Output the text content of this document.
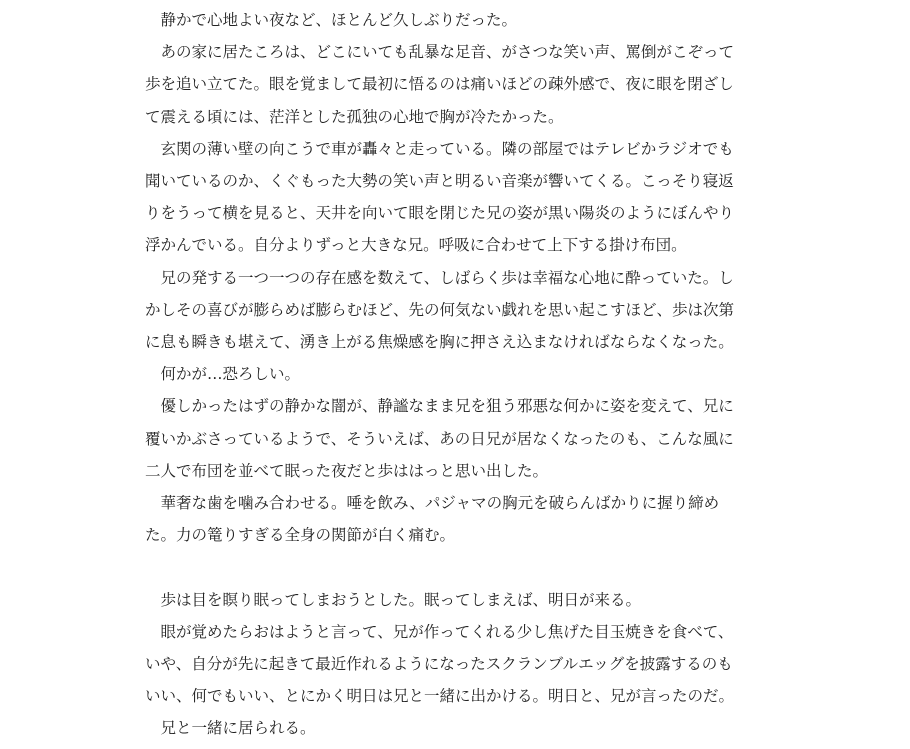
静かで心地よい夜など、ほとんど久しぶりだった。

あの家に居たころは、どこにいても乱暴な足音、がさつな笑い声、罵倒がこぞって
歩を追い立てた。眼を覚まして最初に悟るのは痛いほどの疎外感で、夜に眼を閉ざし
て震える頃には、茫洋とした孤独の心地で胸が冷たかった。

玄関の薄い壁の向こうで車が轟々と走っている。隣の部屋ではテレビかラジオでも
聞いているのか、くぐもった大勢の笑い声と明るい音楽が響いてくる。こっそり寝返
りをうって横を見ると、天井を向いて眼を閉じた兄の姿が黒い陽炎のようにぼんやり
浮かんでいる。自分よりずっと大きな兄。呼吸に合わせて上下する掛け布団。

兄の発する一つ一つの存在感を数えて、しばらく歩は幸福な心地に酔っていた。し
かしその喜びが膨らめば膨らむほど、先の何気ない戯れを思い起こすほど、歩は次第
に息も瞬きも堪えて、湧き上がる焦燥感を胸に押さえ込まなければならなくなった。

何かが…恐ろしい。

優しかったはずの静かな闇が、静謐なまま兄を狙う邪悪な何かに姿を変えて、兄に
覆いかぶさっているようで、そういえば、あの日兄が居なくなったのも、こんな風に
二人で布団を並べて眠った夜だと歩ははっと思い出した。

華奢な歯を噛み合わせる。唾を飲み、パジャマの胸元を破らんばかりに握り締め
た。力の篭りすぎる全身の関節が白く痛む。

歩は目を瞑り眠ってしまおうとした。眠ってしまえば、明日が来る。

眼が覚めたらおはようと言って、兄が作ってくれる少し焦げた目玉焼きを食べて、
いや、自分が先に起きて最近作れるようになったスクランブルエッグを披露するのも
いい、何でもいい、とにかく明日は兄と一緒に出かける。明日と、兄が言ったのだ。

兄と一緒に居られる。
